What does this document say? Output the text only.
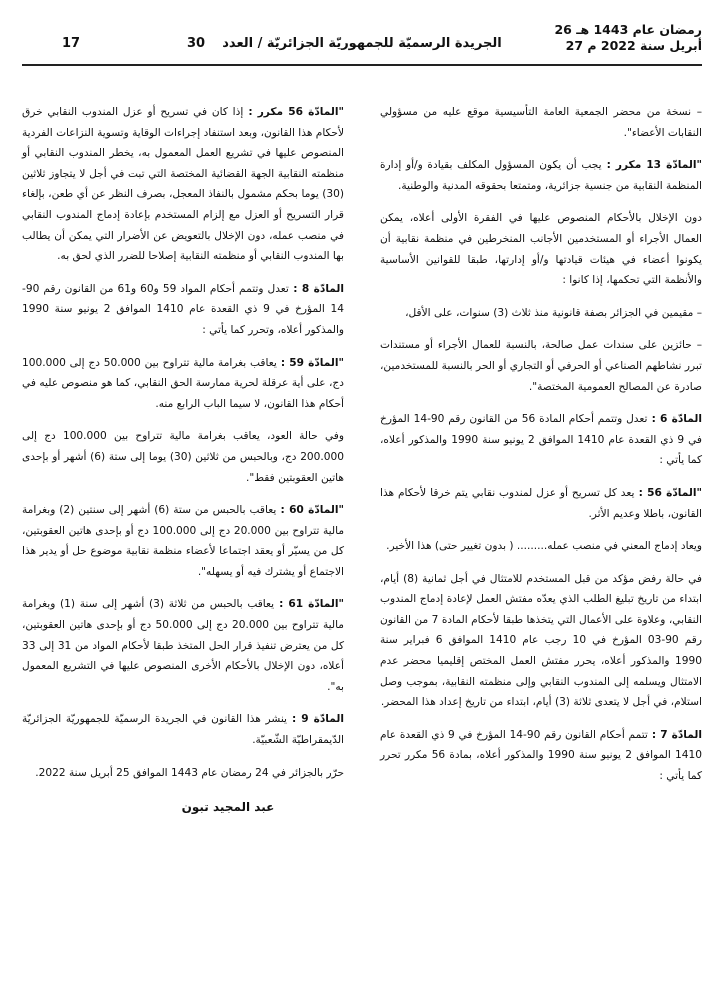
26 رمضان عام 1443 هـ
27 أبريل سنة 2022 م
الجريدة الرسميّة للجمهوريّة الجزائريّة / العدد
30
17

– نسخة من محضر الجمعية العامة التأسيسية موقع عليه من مسؤولي النقابات الأعضاء".

"المادّة 13 مكرر : يجب أن يكون المسؤول المكلف بقيادة و/أو إدارة المنظمة النقابية من جنسية جزائرية، ومتمتعا بحقوقه المدنية والوطنية.

دون الإخلال بالأحكام المنصوص عليها في الفقرة الأولى أعلاه، يمكن العمال الأجراء أو المستخدمين الأجانب المنخرطين في منظمة نقابية أن يكونوا أعضاء في هيئات قيادتها و/أو إدارتها، طبقا للقوانين الأساسية والأنظمة التي تحكمها، إذا كانوا :

– مقيمين في الجزائر بصفة قانونية منذ ثلاث (3) سنوات، على الأقل،

– حائزين على سندات عمل صالحة، بالنسبة للعمال الأجراء أو مستندات تبرر نشاطهم الصناعي أو الحرفي أو التجاري أو الحر بالنسبة للمستخدمين، صادرة عن المصالح العمومية المختصة".

المادّة 6 : تعدل وتتمم أحكام المادة 56 من القانون رقم 90-14 المؤرخ في 9 ذي القعدة عام 1410 الموافق 2 يونيو سنة 1990 والمذكور أعلاه، كما يأتي :

"المادّة 56 : يعد كل تسريح أو عزل لمندوب نقابي يتم خرقا لأحكام هذا القانون، باطلا وعديم الأثر.

ويعاد إدماج المعني في منصب عمله......... ( بدون تغيير حتى) هذا الأخير.

في حالة رفض مؤكد من قبل المستخدم للامتثال في أجل ثمانية (8) أيام، ابتداء من تاريخ تبليغ الطلب الذي يعدّه مفتش العمل لإعادة إدماج المندوب النقابي، وعلاوة على الأعمال التي يتخذها طبقا لأحكام المادة 7 من القانون رقم 90-03 المؤرخ في 10 رجب عام 1410 الموافق 6 فبراير سنة 1990 والمذكور أعلاه، يحرر مفتش العمل المختص إقليميا محضر عدم الامتثال ويسلمه إلى المندوب النقابي وإلى منظمته النقابية، بموجب وصل استلام، في أجل لا يتعدى ثلاثة (3) أيام، ابتداء من تاريخ إعداد هذا المحضر.

المادّة 7 : تتمم أحكام القانون رقم 90-14 المؤرخ في 9 ذي القعدة عام 1410 الموافق 2 يونيو سنة 1990 والمذكور أعلاه، بمادة 56 مكرر تحرر كما يأتي :

"المادّة 56 مكرر : إذا كان في تسريح أو عزل المندوب النقابي خرق لأحكام هذا القانون، وبعد استنفاد إجراءات الوقاية وتسوية النزاعات الفردية المنصوص عليها في تشريع العمل المعمول به، يخطر المندوب النقابي أو منظمته النقابية الجهة القضائية المختصة التي تبت في أجل لا يتجاوز ثلاثين (30) يوما بحكم مشمول بالنفاذ المعجل، بصرف النظر عن أي طعن، بإلغاء قرار التسريح أو العزل مع إلزام المستخدم بإعادة إدماج المندوب النقابي في منصب عمله، دون الإخلال بالتعويض عن الأضرار التي يمكن أن يطالب بها المندوب النقابي أو منظمته النقابية إصلاحا للضرر الذي لحق به.

المادّة 8 : تعدل وتتمم أحكام المواد 59 و60 و61 من القانون رقم 90-14 المؤرخ في 9 ذي القعدة عام 1410 الموافق 2 يونيو سنة 1990 والمذكور أعلاه، وتحرر كما يأتي :

"المادّة 59 : يعاقب بغرامة مالية تتراوح بين 50.000 دج إلى 100.000 دج، على أية عرقلة لحرية ممارسة الحق النقابي، كما هو منصوص عليه في أحكام هذا القانون، لا سيما الباب الرابع منه.

وفي حالة العود، يعاقب بغرامة مالية تتراوح بين 100.000 دج إلى 200.000 دج، وبالحبس من ثلاثين (30) يوما إلى ستة (6) أشهر أو بإحدى هاتين العقوبتين فقط".

"المادّة 60 : يعاقب بالحبس من ستة (6) أشهر إلى سنتين (2) وبغرامة مالية تتراوح بين 20.000 دج إلى 100.000 دج أو بإحدى هاتين العقوبتين، كل من يسيّر أو يعقد اجتماعا لأعضاء منظمة نقابية موضوع حل أو يدير هذا الاجتماع أو يشترك فيه أو يسهله".

"المادّة 61 : يعاقب بالحبس من ثلاثة (3) أشهر إلى سنة (1) وبغرامة مالية تتراوح بين 20.000 دج إلى 50.000 دج أو بإحدى هاتين العقوبتين، كل من يعترض تنفيذ قرار الحل المتخذ طبقا لأحكام المواد من 31 إلى 33 أعلاه، دون الإخلال بالأحكام الأخرى المنصوص عليها في التشريع المعمول به".

المادّة 9 : ينشر هذا القانون في الجريدة الرسميّة للجمهوريّة الجزائريّة الدّيمقراطيّة الشّعبيّة.

حرّر بالجزائر في 24 رمضان عام 1443 الموافق 25 أبريل سنة 2022.

عبد المجيد تبون
